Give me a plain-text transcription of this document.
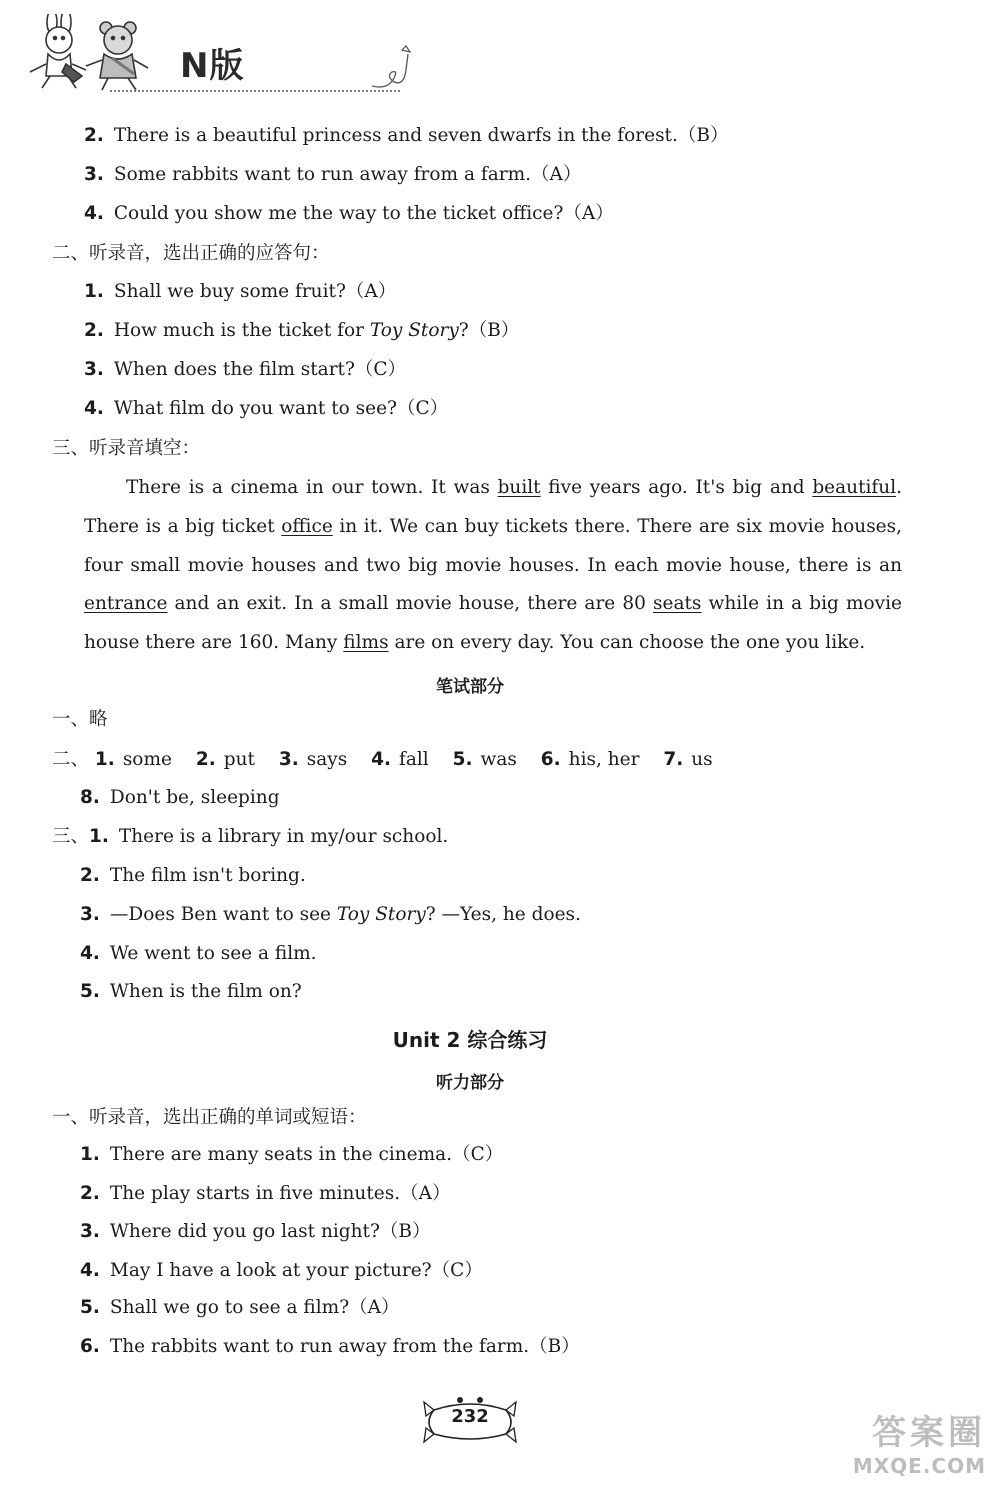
N版
2. There is a beautiful princess and seven dwarfs in the forest.（B）
3. Some rabbits want to run away from a farm.（A）
4. Could you show me the way to the ticket office?（A）
二、听录音，选出正确的应答句：
1. Shall we buy some fruit?（A）
2. How much is the ticket for Toy Story?（B）
3. When does the film start?（C）
4. What film do you want to see?（C）
三、听录音填空：

There is a cinema in our town. It was built five years ago. It's big and beautiful. There is a big ticket office in it. We can buy tickets there. There are six movie houses, four small movie houses and two big movie houses. In each movie house, there is an entrance and an exit. In a small movie house, there are 80 seats while in a big movie house there are 160. Many films are on every day. You can choose the one you like.

笔试部分
一、略
二、 1. some 2. put 3. says 4. fall 5. was 6. his, her 7. us
8. Don't be, sleeping
三、1. There is a library in my/our school.
2. The film isn't boring.
3. —Does Ben want to see Toy Story? —Yes, he does.
4. We went to see a film.
5. When is the film on?
Unit 2 综合练习
听力部分
一、听录音，选出正确的单词或短语：
1. There are many seats in the cinema.（C）
2. The play starts in five minutes.（A）
3. Where did you go last night?（B）
4. May I have a look at your picture?（C）
5. Shall we go to see a film?（A）
6. The rabbits want to run away from the farm.（B）
232	答案圈
MXQE.COM
